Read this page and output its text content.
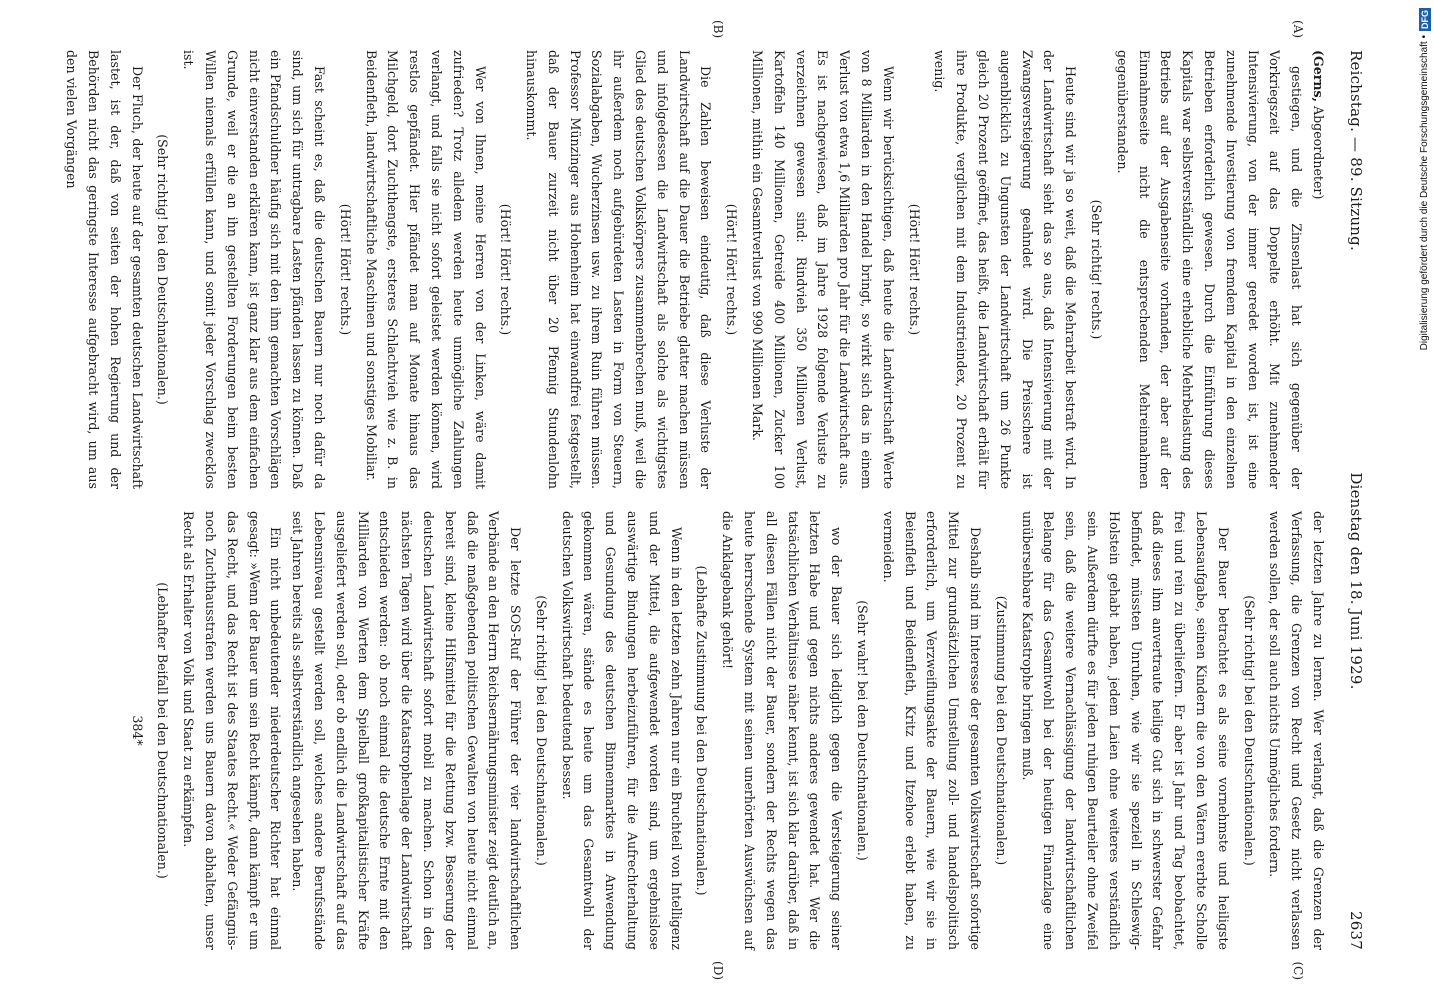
Reichstag. — 89. Sitzung.
Dienstag den 18. Juni 1929.
2637

(Gerns, Abgeordneter)

gestiegen, und die Zinsenlast hat sich gegenüber der Vorkriegszeit auf das Doppelte erhöht. Mit zunehmender Intensivierung, von der immer geredet worden ist, ist eine zunehmende Investierung von fremdem Kapital in den einzelnen Betrieben erforderlich gewesen. Durch die Einführung dieses Kapitals war selbstverständlich eine erhebliche Mehrbelastung des Betriebs auf der Ausgabenseite vorhanden, der aber auf der Einnahmeseite nicht die entsprechenden Mehreinnahmen gegenüberstanden.

(Sehr richtig! rechts.)

Heute sind wir ja so weit, daß die Mehrarbeit bestraft wird. In der Landwirtschaft sieht das so aus, daß Intensivierung mit der Zwangsversteigerung geahndet wird. Die Preisschere ist augenblicklich zu Ungunsten der Landwirtschaft um 26 Punkte gleich 20 Prozent geöffnet, das heißt, die Landwirtschaft erhält für ihre Produkte, verglichen mit dem Industrieindex, 20 Prozent zu wenig.

(Hört! Hört! rechts.)

Wenn wir berücksichtigen, daß heute die Landwirtschaft Werte von 8 Milliarden in den Handel bringt, so wirkt sich das in einem Verlust von etwa 1,6 Milliarden pro Jahr für die Landwirtschaft aus. Es ist nachgewiesen, daß im Jahre 1928 folgende Verluste zu verzeichnen gewesen sind: Rindvieh 350 Millionen Verlust, Kartoffeln 140 Millionen, Getreide 400 Millionen, Zucker 100 Millionen, mithin ein Gesamtverlust von 990 Millionen Mark.

(Hört! Hört! rechts.)

Die Zahlen beweisen eindeutig, daß diese Verluste der Landwirtschaft auf die Dauer die Betriebe glatter machen müssen und infolgedessen die Landwirtschaft als solche als wichtigstes Glied des deutschen Volkskörpers zusammenbrechen muß, weil die ihr außerdem noch aufgebürdeten Lasten in Form von Steuern, Sozialabgaben, Wucherzinsen usw. zu ihrem Ruin führen müssen. Professor Münzinger aus Hohenheim hat einwandfrei festgestellt, daß der Bauer zurzeit nicht über 20 Pfennig Stundenlohn hinauskommt.

(Hört! Hört! rechts.)

Wer von Ihnen, meine Herren von der Linken, wäre damit zufrieden? Trotz alledem werden heute unmögliche Zahlungen verlangt, und falls sie nicht sofort geleistet werden können, wird restlos gepfändet. Hier pfändet man auf Monate hinaus das Milchgeld, dort Zuchthengste, ersteres Schlachtvieh wie z. B. in Beidenfleth, landwirtschaftliche Maschinen und sonstiges Mobiliar.

(Hört! Hört! rechts.)

Fast scheint es, daß die deutschen Bauern nur noch dafür da sind, um sich für untragbare Lasten pfänden lassen zu können. Daß ein Pfandschuldner häufig sich mit den ihm gemachten Vorschlägen nicht einverstanden erklären kann, ist ganz klar aus dem einfachen Grunde, weil er die an ihn gestellten Forderungen beim besten Willen niemals erfüllen kann, und somit jeder Vorschlag zwecklos ist.

(Sehr richtig! bei den Deutschnationalen.)

Der Fluch, der heute auf der gesamten deutschen Landwirtschaft lastet, ist der, daß von seiten der hohen Regierung und der Behörden nicht das geringste Interesse aufgebracht wird, um aus den vielen Vorgängen

der letzten Jahre zu lernen. Wer verlangt, daß die Grenzen der Verfassung, die Grenzen von Recht und Gesetz nicht verlassen werden sollen, der soll auch nichts Unmögliches fordern.

(Sehr richtig! bei den Deutschnationalen.)

Der Bauer betrachtet es als seine vornehmste und heiligste Lebensaufgabe, seinen Kindern die von den Vätern ererbte Scholle frei und rein zu überliefern. Er aber ist Jahr und Tag beobachtet, daß dieses ihm anvertraute heilige Gut sich in schwerster Gefahr befindet, müssten Unruhen, wie wir sie speziell in Schleswig-Holstein gehabt haben, jedem Laien ohne weiteres verständlich sein. Außerdem dürfte es für jeden ruhigen Beurteiler ohne Zweifel sein, daß die weitere Vernachlässigung der landwirtschaftlichen Belange für das Gesamtwohl bei der heutigen Finanzlage eine unübersehbare Katastrophe bringen muß.

(Zustimmung bei den Deutschnationalen.)

Deshalb sind im Interesse der gesamten Volkswirtschaft sofortige Mittel zur grundsätzlichen Umstellung zoll- und handelspolitisch erforderlich, um Verzweiflungsakte der Bauern, wie wir sie in Beienfleth und Beidenfleth, Kritz und Itzehoe erlebt haben, zu vermeiden.

(Sehr wahr! bei den Deutschnationalen.)

wo der Bauer sich lediglich gegen die Versteigerung seiner letzten Habe und gegen nichts anderes gewendet hat. Wer die tatsächlichen Verhältnisse näher kennt, ist sich klar darüber, daß in all diesen Fällen nicht der Bauer, sondern der Rechts wegen das heute herrschende System mit seinen unerhörten Auswüchsen auf die Anklagebank gehört!

(Lebhafte Zustimmung bei den Deutschnationalen.)

Wenn in den letzten zehn Jahren nur ein Bruchteil von Intelligenz und der Mittel, die aufgewendet worden sind, um ergebnislose auswärtige Bindungen herbeizuführen, für die Aufrechterhaltung und Gesundung des deutschen Binnenmarktes in Anwendung gekommen wären, stände es heute um das Gesamtwohl der deutschen Volkswirtschaft bedeutend besser.

(Sehr richtig! bei den Deutschnationalen.)

Der letzte SOS-Ruf der Führer der vier landwirtschaftlichen Verbände an den Herrn Reichsernährungsminister zeigt deutlich an, daß die maßgebenden politischen Gewalten von heute nicht einmal bereit sind, kleine Hilfsmittel für die Rettung bzw. Besserung der deutschen Landwirtschaft sofort mobil zu machen. Schon in den nächsten Tagen wird über die Katastrophenlage der Landwirtschaft entschieden werden: ob noch einmal die deutsche Ernte mit den Milliarden von Werten dem Spielball großkapitalistischer Kräfte ausgeliefert werden soll, oder ob endlich die Landwirtschaft auf das Lebensniveau gestellt werden soll, welches andere Berufsstände seit Jahren bereits als selbstverständlich angesehen haben.

Ein nicht unbedeutender niederdeutscher Richter hat einmal gesagt: »Wenn der Bauer um sein Recht kämpft, dann kämpft er um das Recht, und das Recht ist des Staates Recht.« Weder Gefängnis- noch Zuchthausstrafen werden uns Bauern davon abhalten, unser Recht als Erhalter von Volk und Staat zu erkämpfen.

(Lebhafter Beifall bei den Deutschnationalen.)

384*

(A)
(B)
(C)
(D)
Digitalisierung gefördert durch die Deutsche Forschungsgemeinschaft •
DFG
